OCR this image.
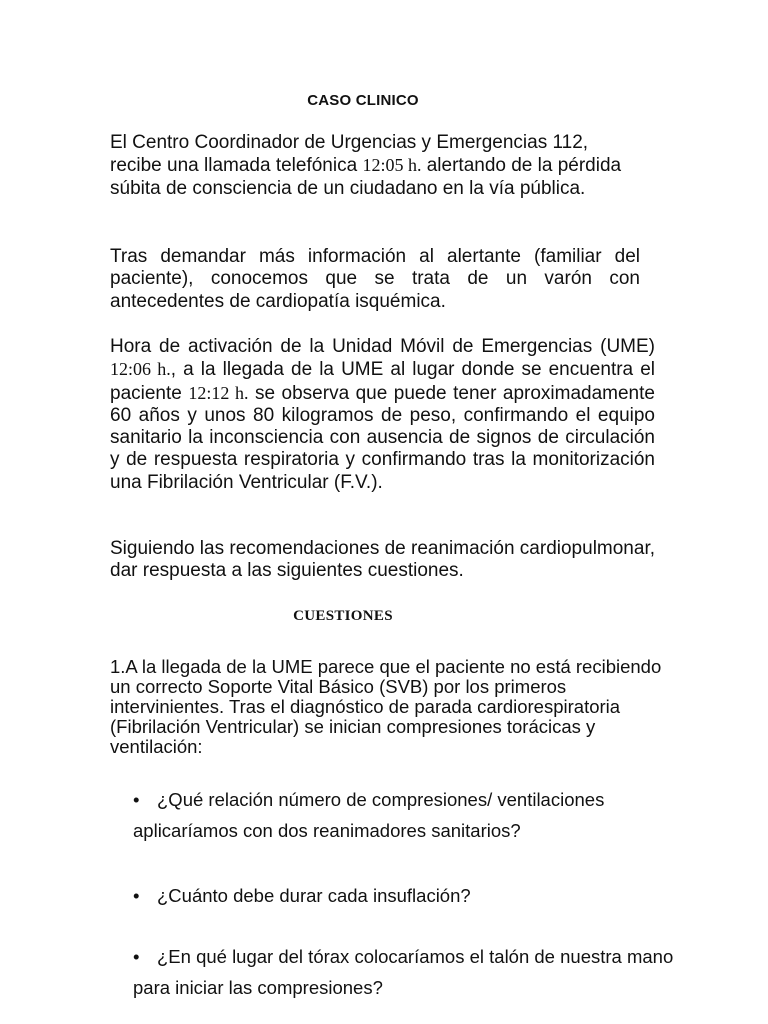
CASO CLINICO

El Centro Coordinador de Urgencias y Emergencias 112, recibe una llamada telefónica 12:05 h. alertando de la pérdida súbita de consciencia de un ciudadano en la vía pública.

Tras demandar más información al alertante (familiar del paciente), conocemos que se trata de un varón con antecedentes de cardiopatía isquémica.

Hora de activación de la Unidad Móvil de Emergencias (UME) 12:06 h., a la llegada de la UME al lugar donde se encuentra el paciente 12:12 h. se observa que puede tener aproximadamente 60 años y unos 80 kilogramos de peso, confirmando el equipo sanitario la inconsciencia con ausencia de signos de circulación y de respuesta respiratoria y confirmando tras la monitorización una Fibrilación Ventricular (F.V.).

Siguiendo las recomendaciones de reanimación cardiopulmonar, dar respuesta a las siguientes cuestiones.

CUESTIONES

1.A la llegada de la UME parece que el paciente no está recibiendo un correcto Soporte Vital Básico (SVB) por los primeros intervinientes. Tras el diagnóstico de parada cardiorespiratoria (Fibrilación Ventricular) se inician compresiones torácicas y ventilación:

• ¿Qué relación número de compresiones/ ventilaciones aplicaríamos con dos reanimadores sanitarios?

• ¿Cuánto debe durar cada insuflación?

• ¿En qué lugar del tórax colocaríamos el talón de nuestra mano para iniciar las compresiones?
